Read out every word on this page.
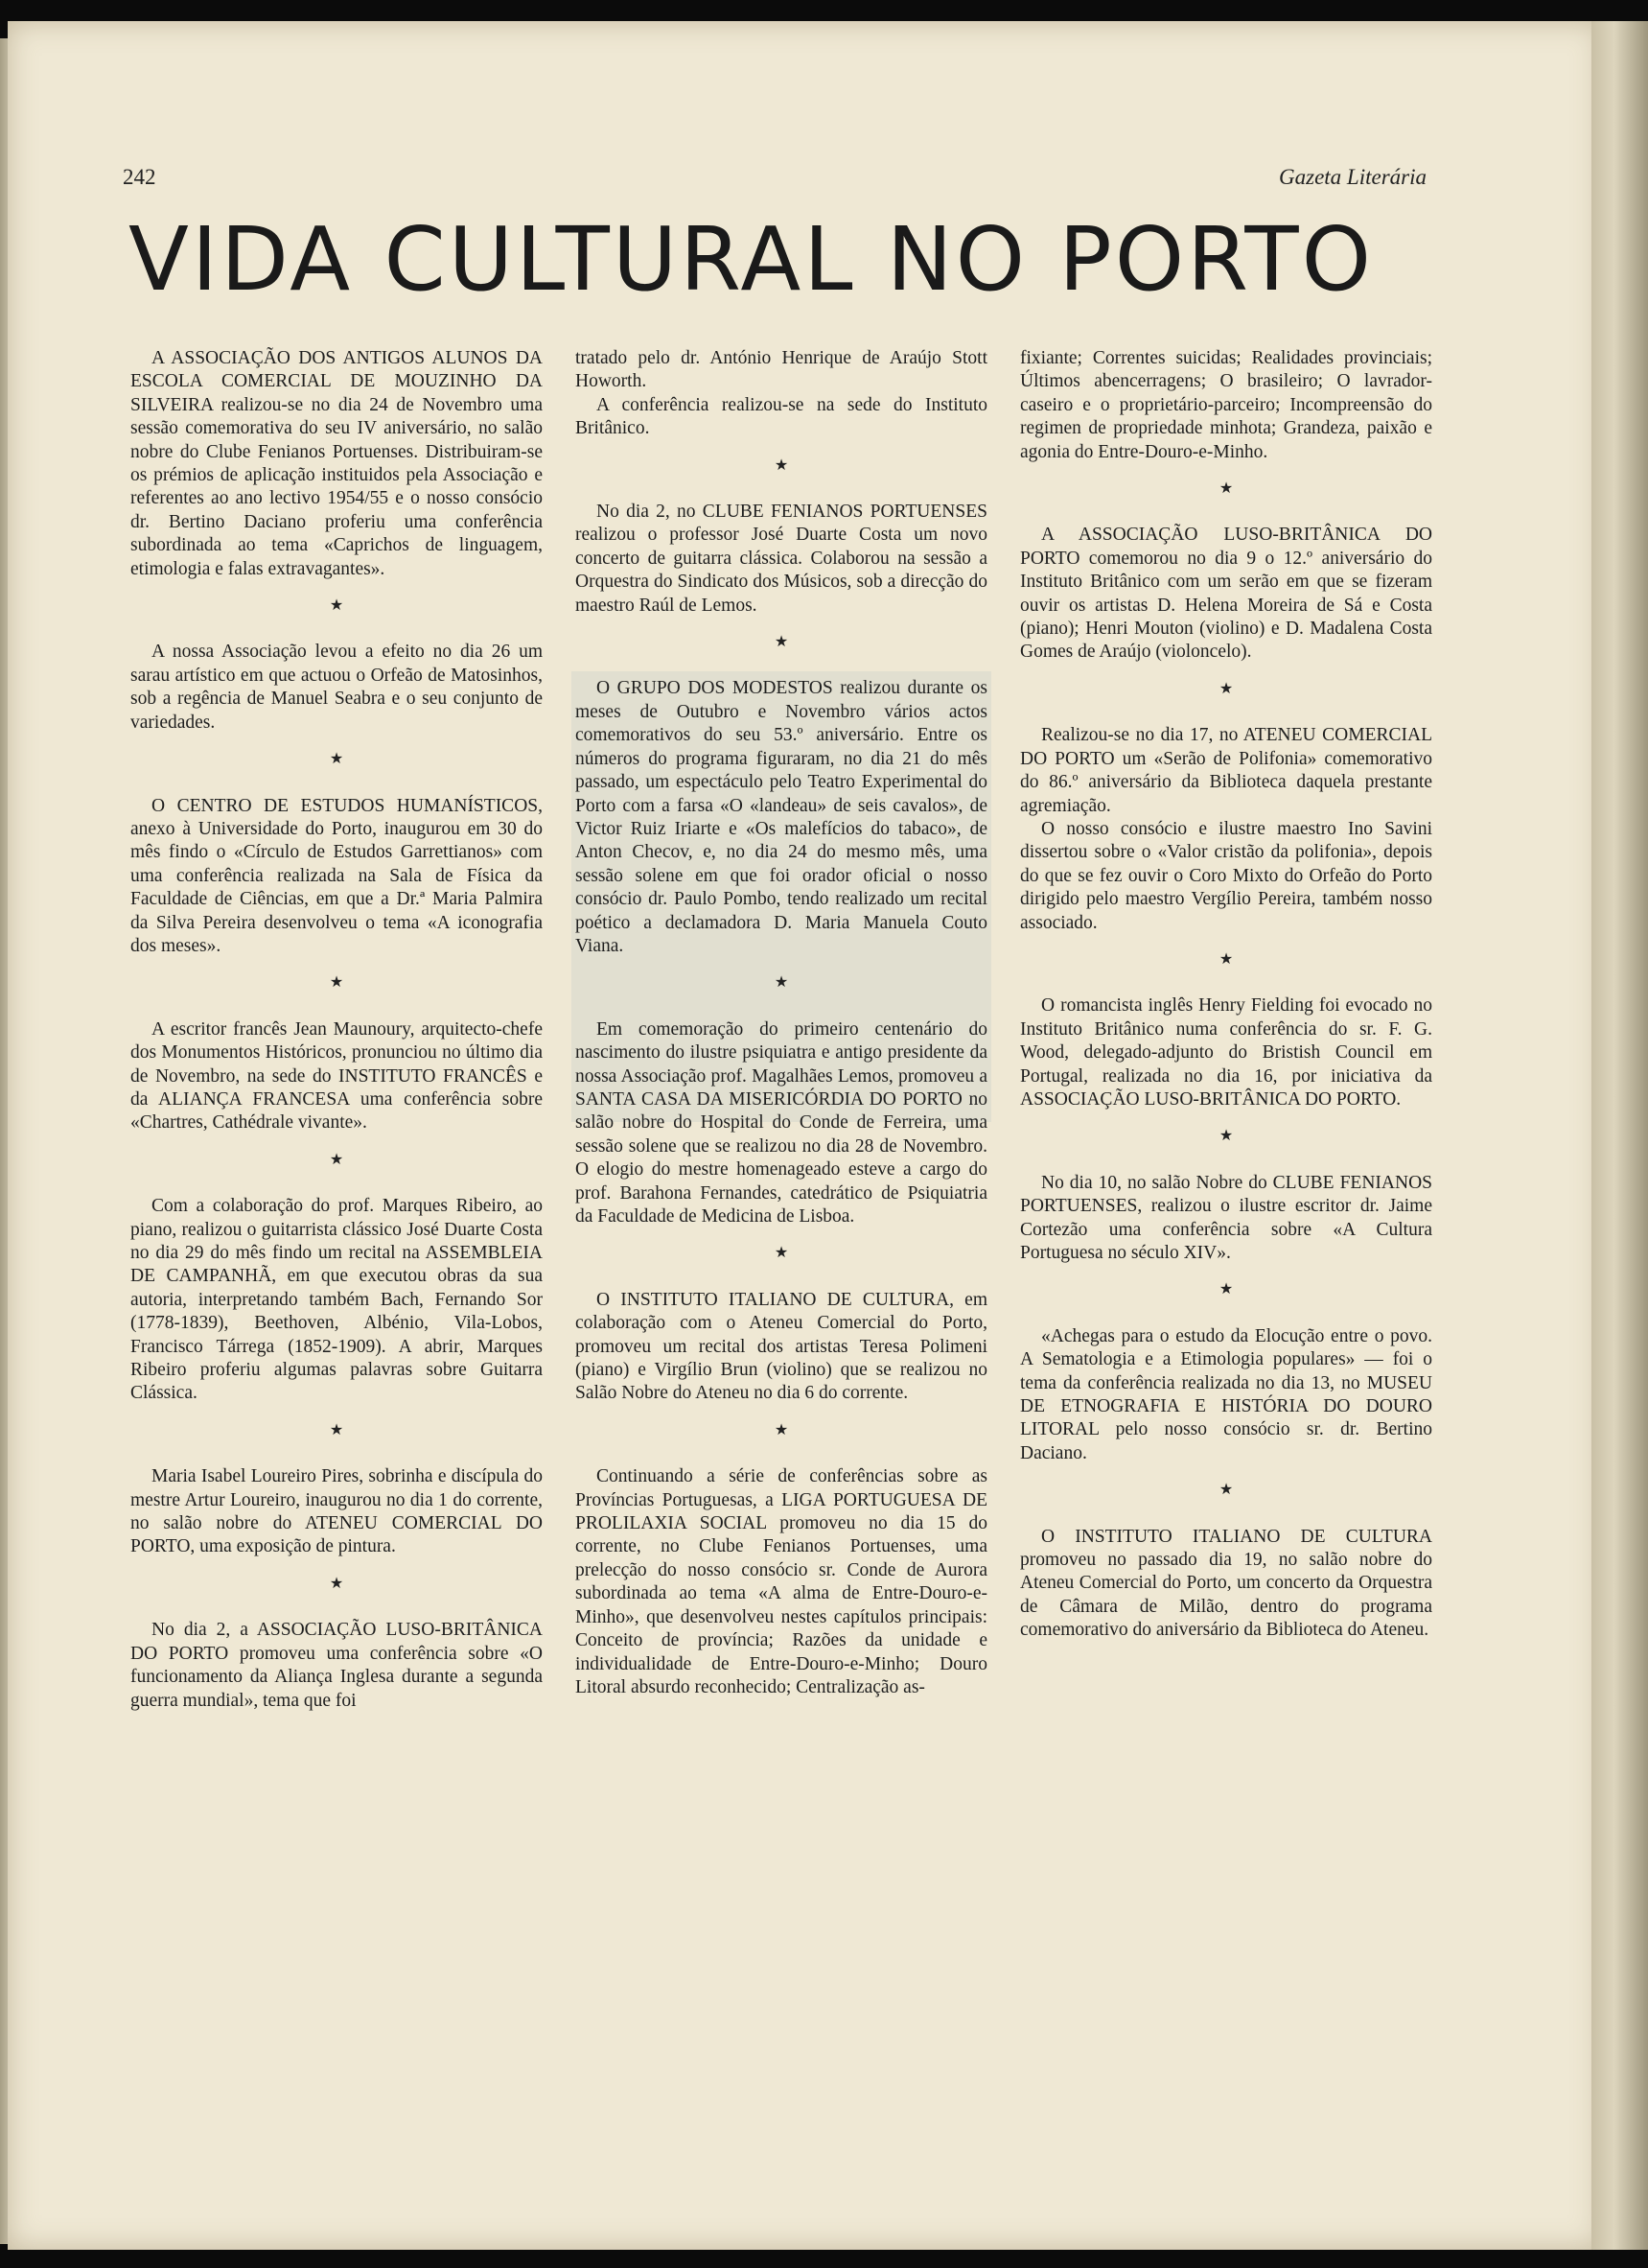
242	Gazeta Literária
VIDA CULTURAL NO PORTO

A ASSOCIAÇÃO DOS ANTIGOS ALUNOS DA ESCOLA COMERCIAL DE MOUZINHO DA SILVEIRA realizou-se no dia 24 de Novembro uma sessão comemorativa do seu IV aniversário, no salão nobre do Clube Fenianos Portuenses. Distribuiram-se os prémios de aplicação instituidos pela Associação e referentes ao ano lectivo 1954/55 e o nosso consócio dr. Bertino Daciano proferiu uma conferência subordinada ao tema «Caprichos de linguagem, etimologia e falas extravagantes».

★

A nossa Associação levou a efeito no dia 26 um sarau artístico em que actuou o Orfeão de Matosinhos, sob a regência de Manuel Seabra e o seu conjunto de variedades.

★

O CENTRO DE ESTUDOS HUMANÍSTICOS, anexo à Universidade do Porto, inaugurou em 30 do mês findo o «Círculo de Estudos Garrettianos» com uma conferência realizada na Sala de Física da Faculdade de Ciências, em que a Dr.ª Maria Palmira da Silva Pereira desenvolveu o tema «A iconografia dos meses».

★

A escritor francês Jean Maunoury, arquitecto-chefe dos Monumentos Históricos, pronunciou no último dia de Novembro, na sede do INSTITUTO FRANCÊS e da ALIANÇA FRANCESA uma conferência sobre «Chartres, Cathédrale vivante».

★

Com a colaboração do prof. Marques Ribeiro, ao piano, realizou o guitarrista clássico José Duarte Costa no dia 29 do mês findo um recital na ASSEMBLEIA DE CAMPANHÃ, em que executou obras da sua autoria, interpretando também Bach, Fernando Sor (1778-1839), Beethoven, Albénio, Vila-Lobos, Francisco Tárrega (1852-1909). A abrir, Marques Ribeiro proferiu algumas palavras sobre Guitarra Clássica.

★

Maria Isabel Loureiro Pires, sobrinha e discípula do mestre Artur Loureiro, inaugurou no dia 1 do corrente, no salão nobre do ATENEU COMERCIAL DO PORTO, uma exposição de pintura.

★

No dia 2, a ASSOCIAÇÃO LUSO-BRITÂNICA DO PORTO promoveu uma conferência sobre «O funcionamento da Aliança Inglesa durante a segunda guerra mundial», tema que foi

tratado pelo dr. António Henrique de Araújo Stott Howorth.

A conferência realizou-se na sede do Instituto Britânico.

★

No dia 2, no CLUBE FENIANOS PORTUENSES realizou o professor José Duarte Costa um novo concerto de guitarra clássica. Colaborou na sessão a Orquestra do Sindicato dos Músicos, sob a direcção do maestro Raúl de Lemos.

★

O GRUPO DOS MODESTOS realizou durante os meses de Outubro e Novembro vários actos comemorativos do seu 53.º aniversário. Entre os números do programa figuraram, no dia 21 do mês passado, um espectáculo pelo Teatro Experimental do Porto com a farsa «O «landeau» de seis cavalos», de Victor Ruiz Iriarte e «Os malefícios do tabaco», de Anton Checov, e, no dia 24 do mesmo mês, uma sessão solene em que foi orador oficial o nosso consócio dr. Paulo Pombo, tendo realizado um recital poético a declamadora D. Maria Manuela Couto Viana.

★

Em comemoração do primeiro centenário do nascimento do ilustre psiquiatra e antigo presidente da nossa Associação prof. Magalhães Lemos, promoveu a SANTA CASA DA MISERICÓRDIA DO PORTO no salão nobre do Hospital do Conde de Ferreira, uma sessão solene que se realizou no dia 28 de Novembro. O elogio do mestre homenageado esteve a cargo do prof. Barahona Fernandes, catedrático de Psiquiatria da Faculdade de Medicina de Lisboa.

★

O INSTITUTO ITALIANO DE CULTURA, em colaboração com o Ateneu Comercial do Porto, promoveu um recital dos artistas Teresa Polimeni (piano) e Virgílio Brun (violino) que se realizou no Salão Nobre do Ateneu no dia 6 do corrente.

★

Continuando a série de conferências sobre as Províncias Portuguesas, a LIGA PORTUGUESA DE PROLILAXIA SOCIAL promoveu no dia 15 do corrente, no Clube Fenianos Portuenses, uma prelecção do nosso consócio sr. Conde de Aurora subordinada ao tema «A alma de Entre-Douro-e-Minho», que desenvolveu nestes capítulos principais: Conceito de província; Razões da unidade e individualidade de Entre-Douro-e-Minho; Douro Litoral absurdo reconhecido; Centralização as-

fixiante; Correntes suicidas; Realidades provinciais; Últimos abencerragens; O brasileiro; O lavrador-caseiro e o proprietário-parceiro; Incompreensão do regimen de propriedade minhota; Grandeza, paixão e agonia do Entre-Douro-e-Minho.

★

A ASSOCIAÇÃO LUSO-BRITÂNICA DO PORTO comemorou no dia 9 o 12.º aniversário do Instituto Britânico com um serão em que se fizeram ouvir os artistas D. Helena Moreira de Sá e Costa (piano); Henri Mouton (violino) e D. Madalena Costa Gomes de Araújo (violoncelo).

★

Realizou-se no dia 17, no ATENEU COMERCIAL DO PORTO um «Serão de Polifonia» comemorativo do 86.º aniversário da Biblioteca daquela prestante agremiação.

O nosso consócio e ilustre maestro Ino Savini dissertou sobre o «Valor cristão da polifonia», depois do que se fez ouvir o Coro Mixto do Orfeão do Porto dirigido pelo maestro Vergílio Pereira, também nosso associado.

★

O romancista inglês Henry Fielding foi evocado no Instituto Britânico numa conferência do sr. F. G. Wood, delegado-adjunto do Bristish Council em Portugal, realizada no dia 16, por iniciativa da ASSOCIAÇÃO LUSO-BRITÂNICA DO PORTO.

★

No dia 10, no salão Nobre do CLUBE FENIANOS PORTUENSES, realizou o ilustre escritor dr. Jaime Cortezão uma conferência sobre «A Cultura Portuguesa no século XIV».

★

«Achegas para o estudo da Elocução entre o povo. A Sematologia e a Etimologia populares» — foi o tema da conferência realizada no dia 13, no MUSEU DE ETNOGRAFIA E HISTÓRIA DO DOURO LITORAL pelo nosso consócio sr. dr. Bertino Daciano.

★

O INSTITUTO ITALIANO DE CULTURA promoveu no passado dia 19, no salão nobre do Ateneu Comercial do Porto, um concerto da Orquestra de Câmara de Milão, dentro do programa comemorativo do aniversário da Biblioteca do Ateneu.
